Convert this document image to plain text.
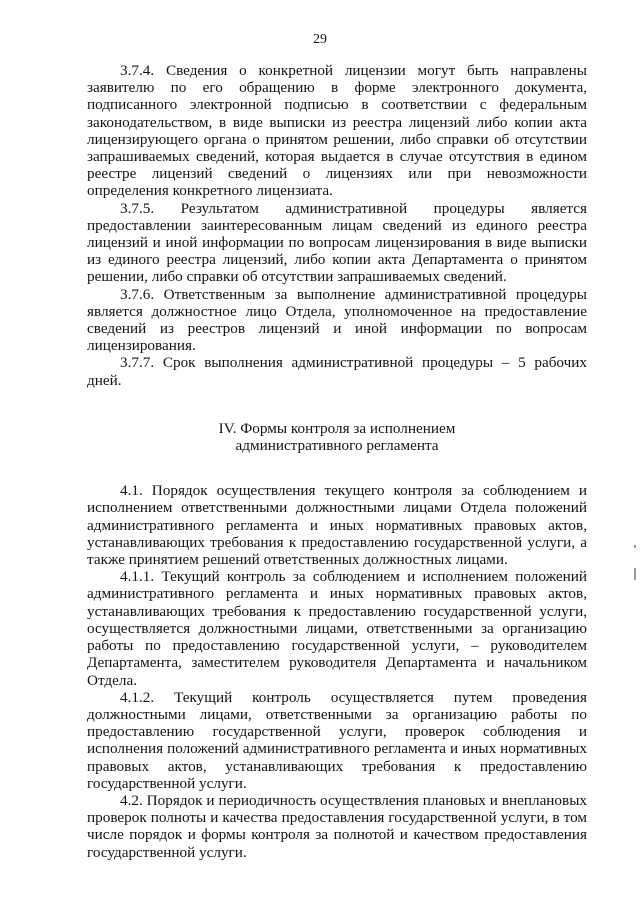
29

3.7.4. Сведения о конкретной лицензии могут быть направлены заявителю по его обращению в форме электронного документа, подписанного электронной подписью в соответствии с федеральным законодательством, в виде выписки из реестра лицензий либо копии акта лицензирующего органа о принятом решении, либо справки об отсутствии запрашиваемых сведений, которая выдается в случае отсутствия в едином реестре лицензий сведений о лицензиях или при невозможности определения конкретного лицензиата.

3.7.5. Результатом административной процедуры является предоставлении заинтересованным лицам сведений из единого реестра лицензий и иной информации по вопросам лицензирования в виде выписки из единого реестра лицензий, либо копии акта Департамента о принятом решении, либо справки об отсутствии запрашиваемых сведений.

3.7.6. Ответственным за выполнение административной процедуры является должностное лицо Отдела, уполномоченное на предоставление сведений из реестров лицензий и иной информации по вопросам лицензирования.

3.7.7. Срок выполнения административной процедуры – 5 рабочих дней.

IV. Формы контроля за исполнением
административного регламента

4.1. Порядок осуществления текущего контроля за соблюдением и исполнением ответственными должностными лицами Отдела положений административного регламента и иных нормативных правовых актов, устанавливающих требования к предоставлению государственной услуги, а также принятием решений ответственных должностных лицами.

4.1.1. Текущий контроль за соблюдением и исполнением положений административного регламента и иных нормативных правовых актов, устанавливающих требования к предоставлению государственной услуги, осуществляется должностными лицами, ответственными за организацию работы по предоставлению государственной услуги, – руководителем Департамента, заместителем руководителя Департамента и начальником Отдела.

4.1.2. Текущий контроль осуществляется путем проведения должностными лицами, ответственными за организацию работы по предоставлению государственной услуги, проверок соблюдения и исполнения положений административного регламента и иных нормативных правовых актов, устанавливающих требования к предоставлению государственной услуги.

4.2. Порядок и периодичность осуществления плановых и внеплановых проверок полноты и качества предоставления государственной услуги, в том числе порядок и формы контроля за полнотой и качеством предоставления государственной услуги.
